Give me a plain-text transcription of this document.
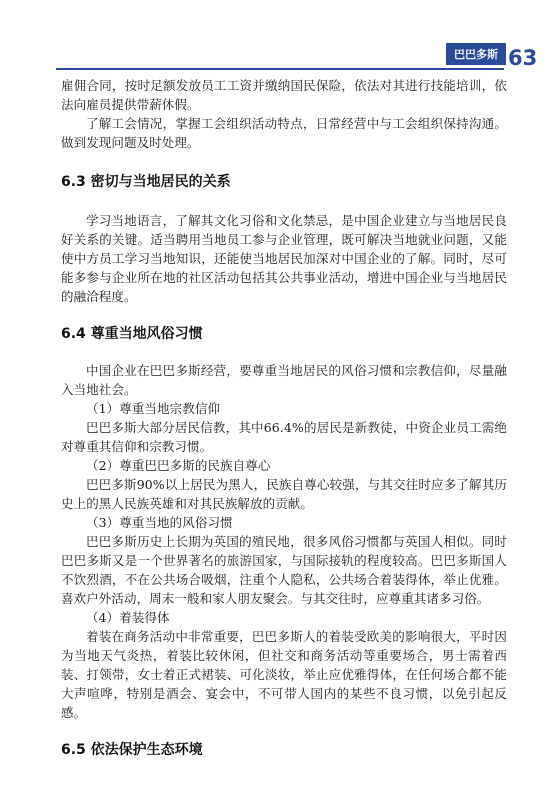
巴巴多斯 63

雇佣合同，按时足额发放员工工资并缴纳国民保险，依法对其进行技能培训，依法向雇员提供带薪休假。

了解工会情况，掌握工会组织活动特点，日常经营中与工会组织保持沟通。做到发现问题及时处理。

6.3 密切与当地居民的关系

学习当地语言，了解其文化习俗和文化禁忌，是中国企业建立与当地居民良好关系的关键。适当聘用当地员工参与企业管理，既可解决当地就业问题，又能使中方员工学习当地知识，还能使当地居民加深对中国企业的了解。同时，尽可能多参与企业所在地的社区活动包括其公共事业活动，增进中国企业与当地居民的融洽程度。

6.4 尊重当地风俗习惯

中国企业在巴巴多斯经营，要尊重当地居民的风俗习惯和宗教信仰，尽量融入当地社会。

（1）尊重当地宗教信仰

巴巴多斯大部分居民信教，其中66.4%的居民是新教徒，中资企业员工需绝对尊重其信仰和宗教习惯。

（2）尊重巴巴多斯的民族自尊心

巴巴多斯90%以上居民为黑人，民族自尊心较强，与其交往时应多了解其历史上的黑人民族英雄和对其民族解放的贡献。

（3）尊重当地的风俗习惯

巴巴多斯历史上长期为英国的殖民地，很多风俗习惯都与英国人相似。同时巴巴多斯又是一个世界著名的旅游国家，与国际接轨的程度较高。巴巴多斯国人不饮烈酒，不在公共场合吸烟，注重个人隐私，公共场合着装得体，举止优雅。喜欢户外活动，周末一般和家人朋友聚会。与其交往时，应尊重其诸多习俗。

（4）着装得体

着装在商务活动中非常重要，巴巴多斯人的着装受欧美的影响很大，平时因为当地天气炎热，着装比较休闲，但社交和商务活动等重要场合，男士需着西装、打领带，女士着正式裙装、可化淡妆，举止应优雅得体，在任何场合都不能大声喧哗，特别是酒会、宴会中，不可带人国内的某些不良习惯，以免引起反感。

6.5 依法保护生态环境
